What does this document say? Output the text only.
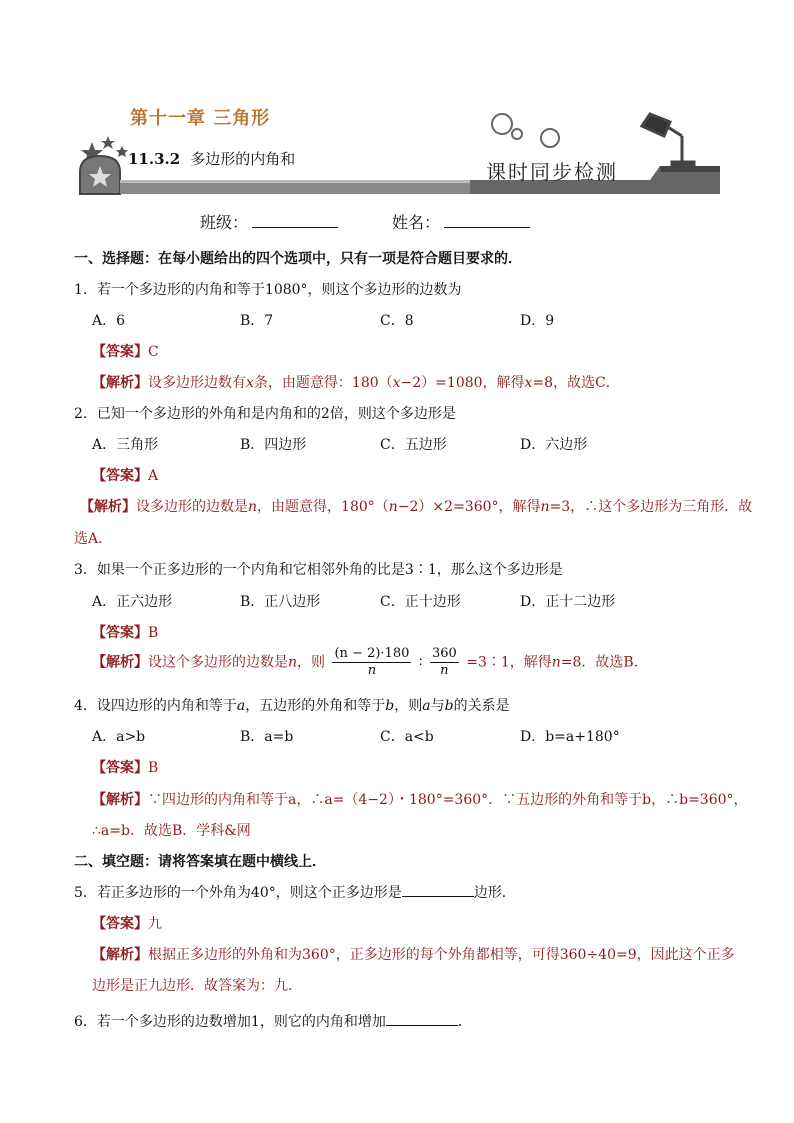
第十一章 三角形
11.3.2 多边形的内角和
课时同步检测
班级：	姓名：
一、选择题：在每小题给出的四个选项中，只有一项是符合题目要求的．
1．若一个多边形的内角和等于1080°，则这个多边形的边数为
A．6	B．7	C．8	D．9
【答案】C
【解析】设多边形边数有x条，由题意得：180（x−2）=1080，解得x=8，故选C．
2．已知一个多边形的外角和是内角和的2倍，则这个多边形是
A．三角形	B．四边形	C．五边形	D．六边形
【答案】A
【解析】设多边形的边数是n，由题意得，180°（n−2）×2=360°，解得n=3，∴这个多边形为三角形．故
选A．
3．如果一个正多边形的一个内角和它相邻外角的比是3∶1，那么这个多边形是
A．正六边形	B．正八边形	C．正十边形	D．正十二边形
【答案】B
【解析】设这个多边形的边数是n，则 $\frac{(n - 2)\cdot 180}{n}$ ∶ $\frac{360}{n}$ =3∶1，解得n=8．故选B．
4．设四边形的内角和等于a，五边形的外角和等于b，则a与b的关系是
A．a>b	B．a=b	C．a<b	D．b=a+180°
【答案】B
【解析】∵四边形的内角和等于a，∴a=（4−2）・180°=360°．∵五边形的外角和等于b，∴b=360°，
∴a=b．故选B．学科&网
二、填空题：请将答案填在题中横线上．
5．若正多边形的一个外角为40°，则这个正多边形是	边形．
【答案】九
【解析】根据正多边形的外角和为360°，正多边形的每个外角都相等，可得360÷40=9，因此这个正多
边形是正九边形．故答案为：九．
6．若一个多边形的边数增加1，则它的内角和增加	．
